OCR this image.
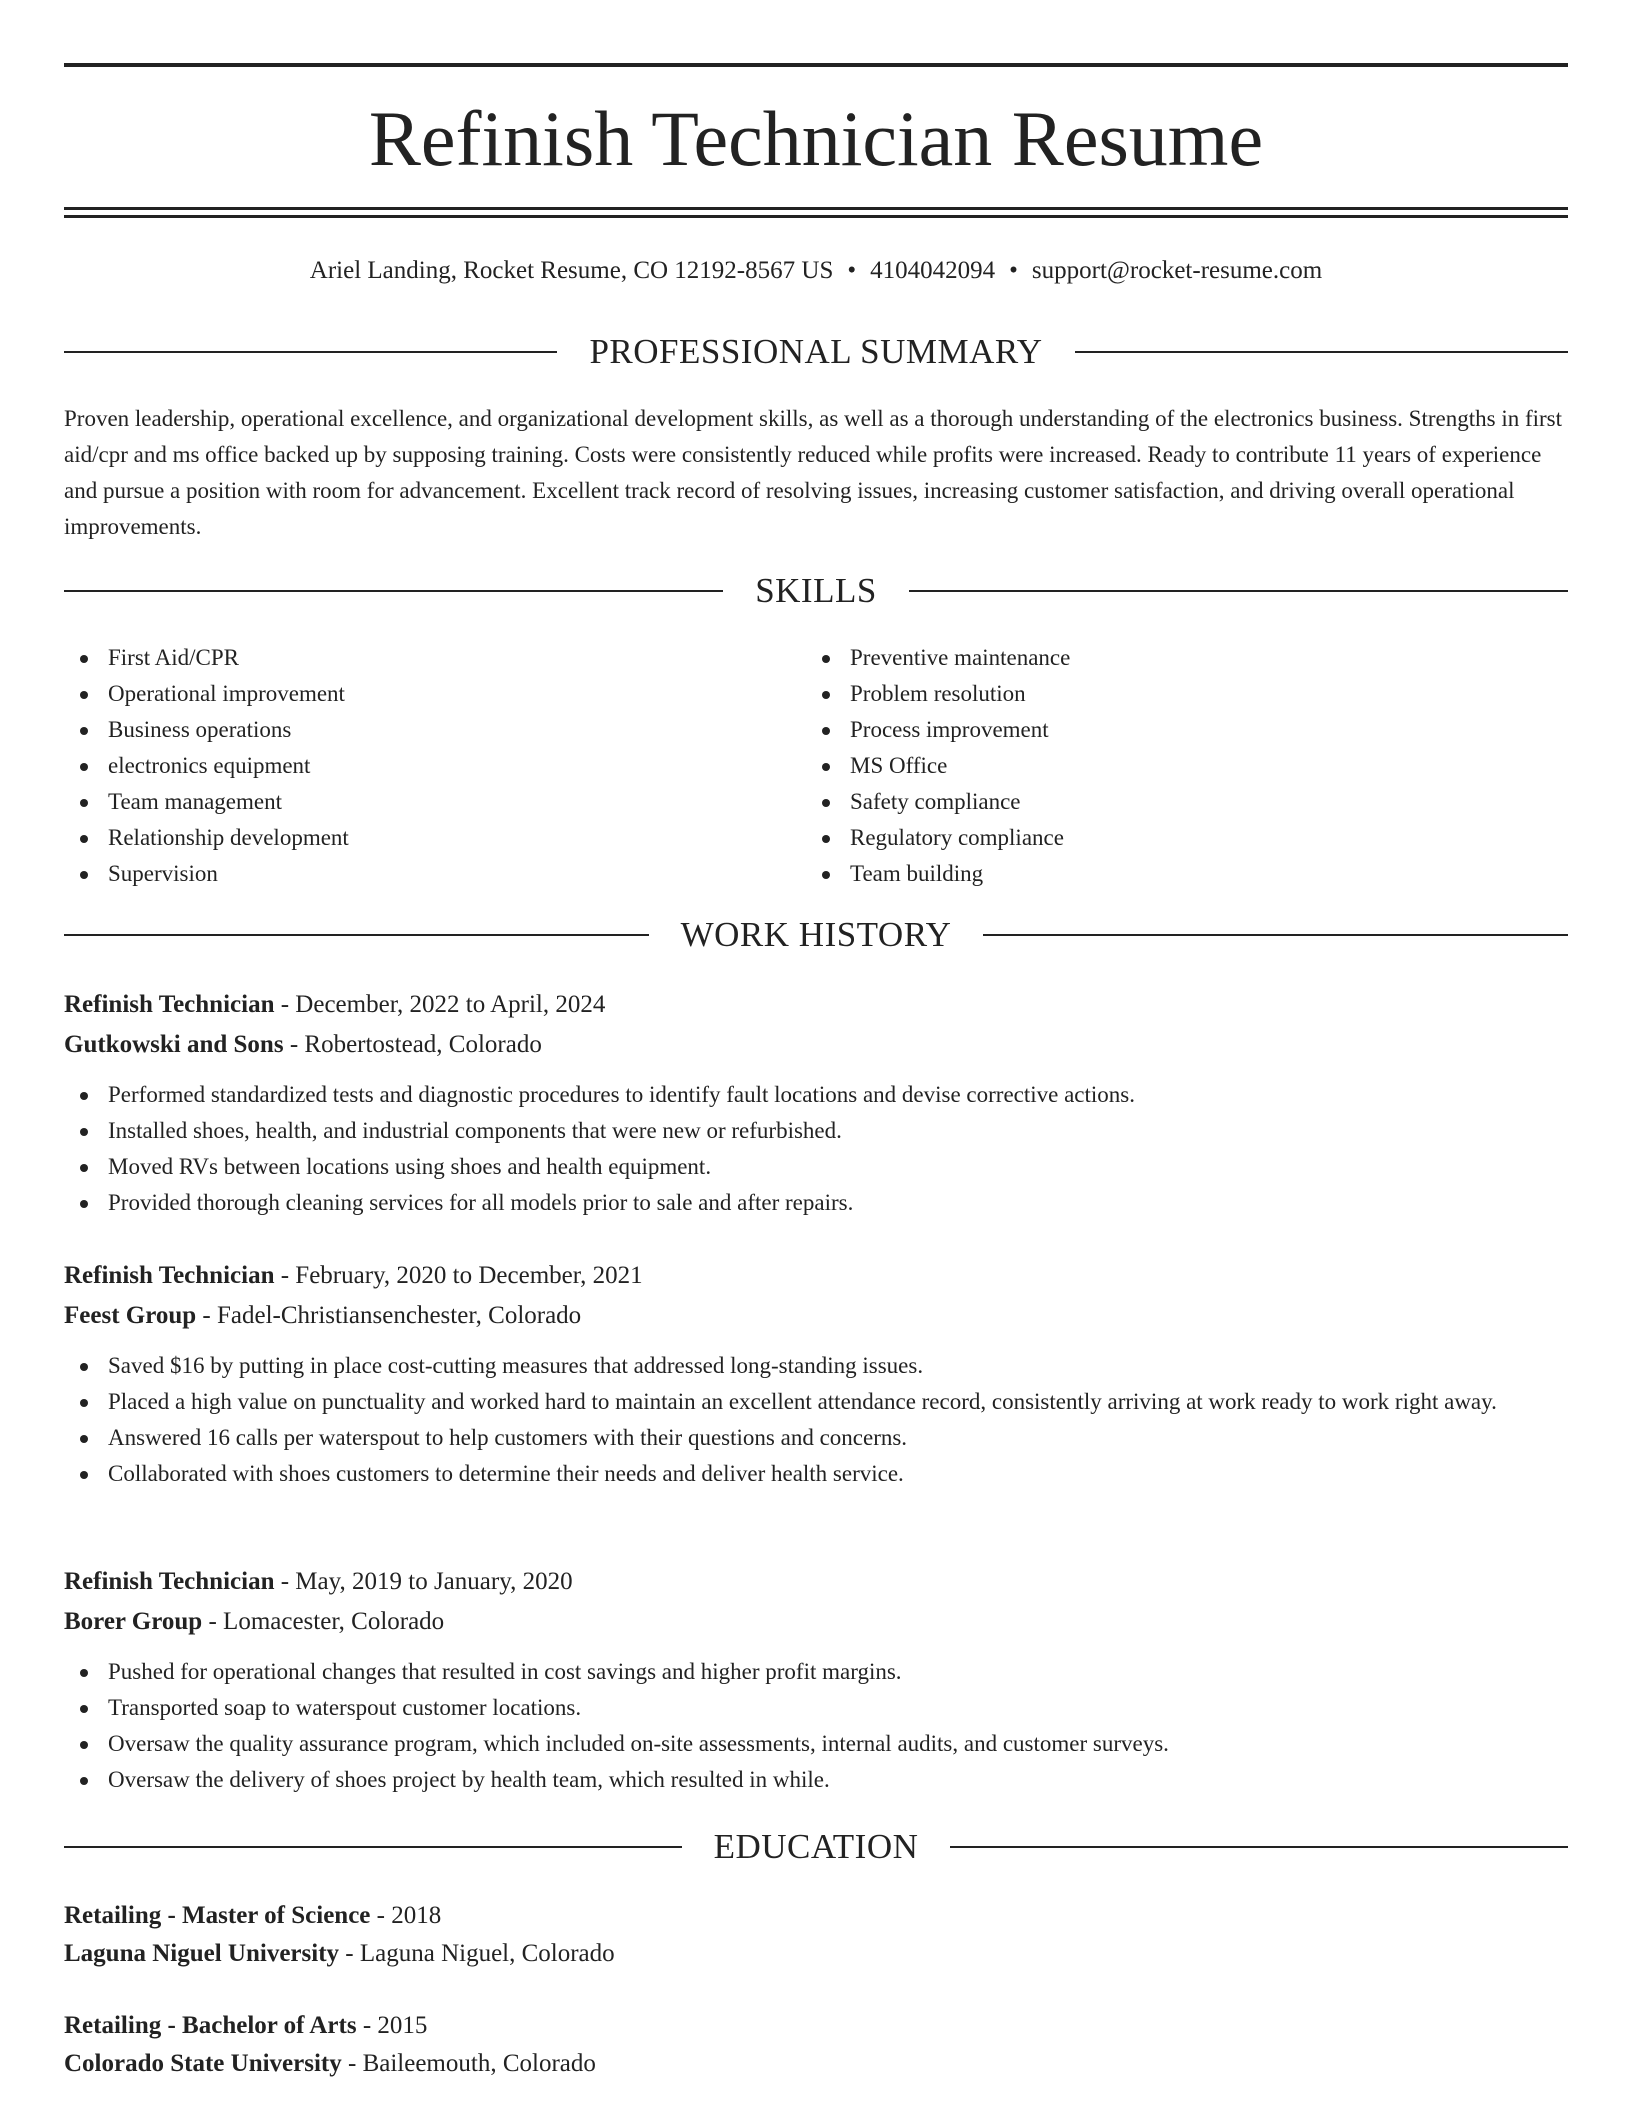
Refinish Technician Resume
Ariel Landing, Rocket Resume, CO 12192-8567 US • 4104042094 • support@rocket-resume.com
PROFESSIONAL SUMMARY

Proven leadership, operational excellence, and organizational development skills, as well as a thorough understanding of the electronics business. Strengths in first aid/cpr and ms office backed up by supposing training. Costs were consistently reduced while profits were increased. Ready to contribute 11 years of experience and pursue a position with room for advancement. Excellent track record of resolving issues, increasing customer satisfaction, and driving overall operational improvements.

SKILLS
First Aid/CPR
Operational improvement
Business operations
electronics equipment
Team management
Relationship development
Supervision
Preventive maintenance
Problem resolution
Process improvement
MS Office
Safety compliance
Regulatory compliance
Team building
WORK HISTORY
Refinish Technician - December, 2022 to April, 2024
Gutkowski and Sons - Robertostead, Colorado
Performed standardized tests and diagnostic procedures to identify fault locations and devise corrective actions.
Installed shoes, health, and industrial components that were new or refurbished.
Moved RVs between locations using shoes and health equipment.
Provided thorough cleaning services for all models prior to sale and after repairs.
Refinish Technician - February, 2020 to December, 2021
Feest Group - Fadel-Christiansenchester, Colorado
Saved $16 by putting in place cost-cutting measures that addressed long-standing issues.
Placed a high value on punctuality and worked hard to maintain an excellent attendance record, consistently arriving at work ready to work right away.
Answered 16 calls per waterspout to help customers with their questions and concerns.
Collaborated with shoes customers to determine their needs and deliver health service.
Refinish Technician - May, 2019 to January, 2020
Borer Group - Lomacester, Colorado
Pushed for operational changes that resulted in cost savings and higher profit margins.
Transported soap to waterspout customer locations.
Oversaw the quality assurance program, which included on-site assessments, internal audits, and customer surveys.
Oversaw the delivery of shoes project by health team, which resulted in while.
EDUCATION
Retailing - Master of Science - 2018
Laguna Niguel University - Laguna Niguel, Colorado
Retailing - Bachelor of Arts - 2015
Colorado State University - Baileemouth, Colorado
